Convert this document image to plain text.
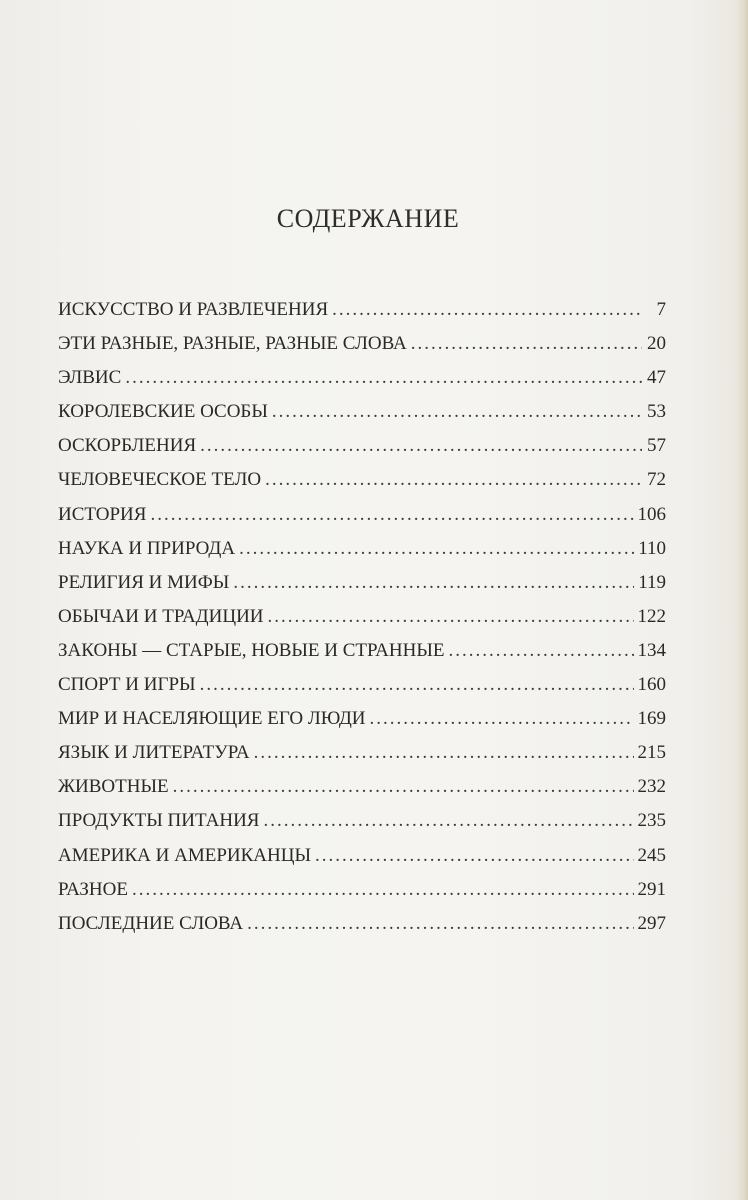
СОДЕРЖАНИЕ
ИСКУССТВО И РАЗВЛЕЧЕНИЯ .....	7
ЭТИ РАЗНЫЕ, РАЗНЫЕ, РАЗНЫЕ СЛОВА .....	20
ЭЛВИС .....	47
КОРОЛЕВСКИЕ ОСОБЫ .....	53
ОСКОРБЛЕНИЯ .....	57
ЧЕЛОВЕЧЕСКОЕ ТЕЛО .....	72
ИСТОРИЯ .....	106
НАУКА И ПРИРОДА .....	110
РЕЛИГИЯ И МИФЫ .....	119
ОБЫЧАИ И ТРАДИЦИИ .....	122
ЗАКОНЫ — СТАРЫЕ, НОВЫЕ И СТРАННЫЕ .....	134
СПОРТ И ИГРЫ .....	160
МИР И НАСЕЛЯЮЩИЕ ЕГО ЛЮДИ .....	169
ЯЗЫК И ЛИТЕРАТУРА .....	215
ЖИВОТНЫЕ .....	232
ПРОДУКТЫ ПИТАНИЯ .....	235
АМЕРИКА И АМЕРИКАНЦЫ .....	245
РАЗНОЕ .....	291
ПОСЛЕДНИЕ СЛОВА .....	297
